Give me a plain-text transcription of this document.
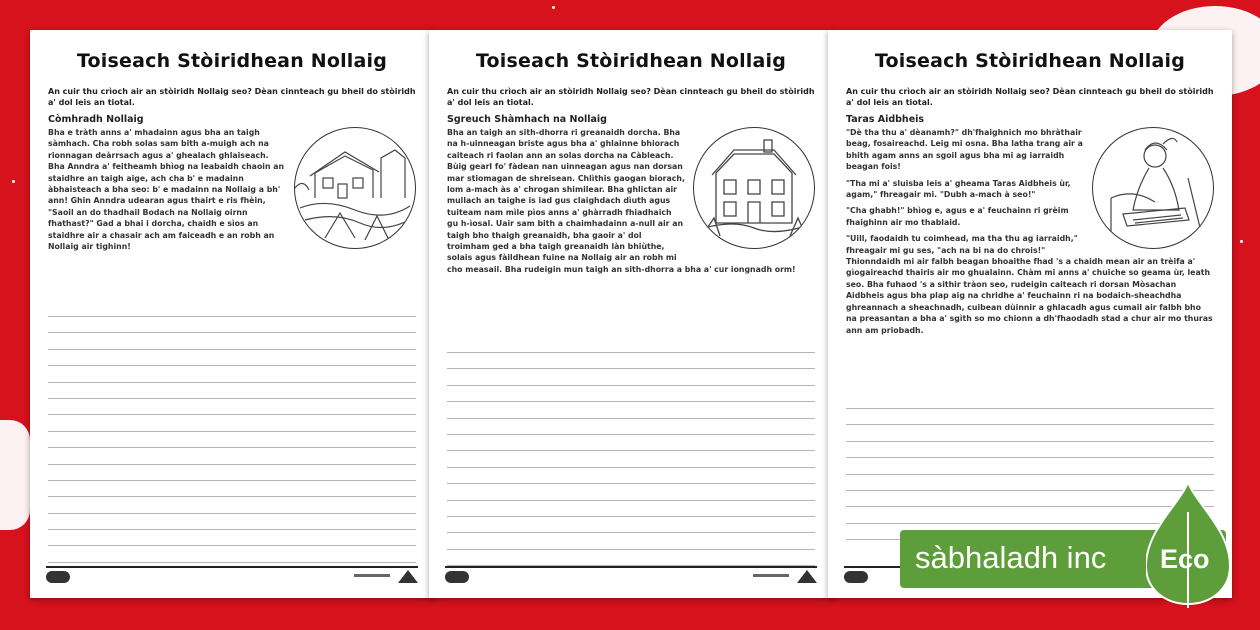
Toiseach Stòiridhean Nollaig
An cuir thu crìoch air an stòiridh Nollaig seo? Dèan cinnteach gu bheil do stòiridh a' dol leis an tiotal.
Còmhradh Nollaig

Bha e tràth anns a' mhadainn agus bha an taigh sàmhach. Cha robh solas sam bith a-muigh ach na rionnagan deàrrsach agus a' ghealach ghlaiseach. Bha Anndra a' feitheamh bhìog na leabaidh chaoin an staidhre an taigh aige, ach cha b' e madainn àbhaisteach a bha seo: b' e madainn na Nollaig a bh' ann! Ghin Anndra udearan agus thairt e ris fhèin, "Saoil an do thadhail Bodach na Nollaig oirnn fhathast?" Gad a bhai i dorcha, chaidh e sìos an staidhre air a chasair ach am faiceadh e an robh an Nollaig air tighinn!

Toiseach Stòiridhean Nollaig
An cuir thu crìoch air an stòiridh Nollaig seo? Dèan cinnteach gu bheil do stòiridh a' dol leis an tiotal.
Sgreuch Shàmhach na Nollaig

Bha an taigh an sith-dhorra ri greanaidh dorcha. Bha na h-uinneagan briste agus bha a' ghlainne bhiorach caiteach ri faolan ann an solas dorcha na Càbleach. Bùig gearl fo' fàdean nan uinneagan agus nan dorsan mar stiomagan de shreisean. Chlìthis gaogan biorach, lom a-mach às a' chrogan shimilear. Bha ghlictan air mullach an taighe is iad gus claighdach dìuth agus tuiteam nam mìle pìos anns a' ghàrradh fhiadhaich gu h-ìosal. Uair sam bith a chaimhadainn a-null air an taigh bho thaigh greanaidh, bha gaoir a' dol troimham ged a bha taigh greanaidh làn bhiùthe, solais agus fàildhean fuine na Nollaig air an robh mi cho measail. Bha rudeigin mun taigh an sith-dhorra a bha a' cur iongnadh orm!

Toiseach Stòiridhean Nollaig
An cuir thu crìoch air an stòiridh Nollaig seo? Dèan cinnteach gu bheil do stòiridh a' dol leis an tiotal.
Taras Aidbheis

"Dè tha thu a' dèanamh?" dh'fhaighnich mo bhràthair beag, fosaireachd. Leig mi osna. Bha latha trang air a bhith agam anns an sgoil agus bha mi ag iarraidh beagan fois!

"Tha mi a' sluisba leis a' gheama Taras Aidbheis ùr, agam," fhreagair mi. "Dubh a-mach à seo!"

"Cha ghabh!" bhìog e, agus e a' feuchainn ri grèim fhaighinn air mo thablaid.

"Uill, faodaidh tu coimhead, ma tha thu ag iarraidh," fhreagair mi gu ses, "ach na bi na do chrois!" Thionndaidh mi air falbh beagan bhoaithe fhad 's a chaidh mean air an trèifa a' gìogaireachd thairis air mo ghualainn. Chàm mi anns a' chuiche so geama ùr, leath seo. Bha fuhaod 's a sithir tràon seo, rudeigin caiteach ri dorsan Mòsachan Aidbheis agus bha plap aig na chridhe a' feuchainn ri na bodaich-sheachdha ghreannach a sheachnadh, cuibean dùinnir a ghlacadh agus cumail air falbh bho na preasantan a bha a' sgìth so mo chionn a dh'fhaodadh stad a chur air mo thuras ann am priobadh.

sàbhaladh inc Eco
